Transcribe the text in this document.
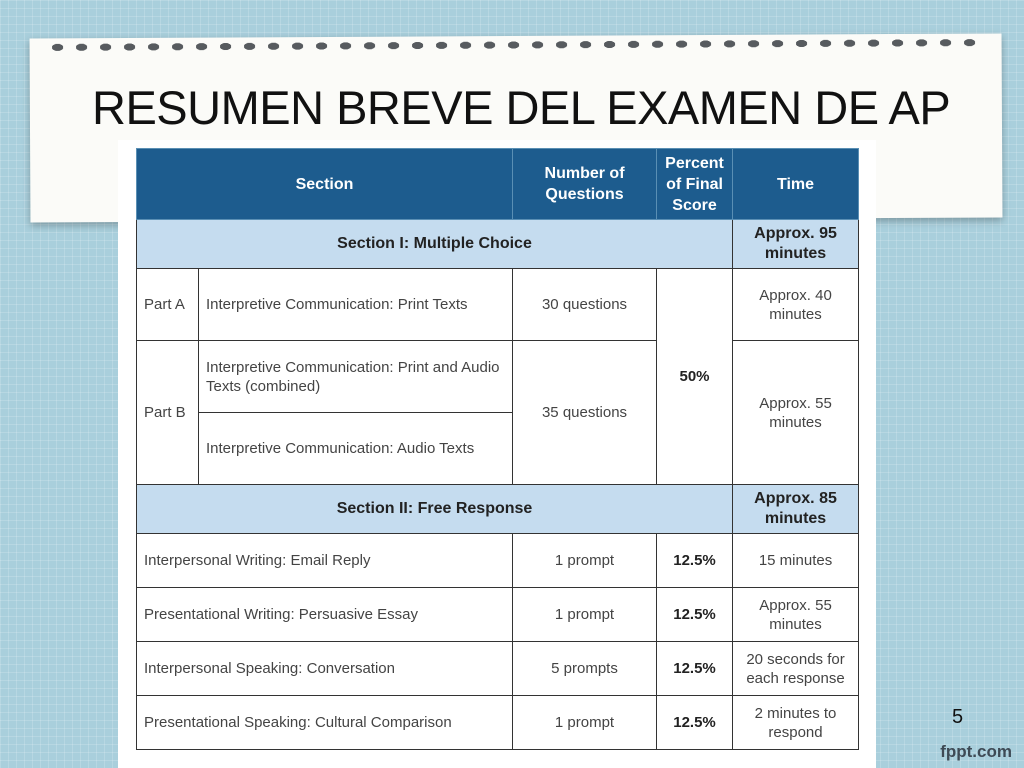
RESUMEN BREVE DEL EXAMEN DE AP
Section		Number of Questions	Percent of Final Score	Time
Section I: Multiple Choice				Approx. 95 minutes
Part A	Interpretive Communication: Print Texts	30 questions	50%	Approx. 40 minutes
Part B	Interpretive Communication: Print and Audio Texts (combined)	35 questions		Approx. 55 minutes
	Interpretive Communication: Audio Texts			
Section II: Free Response				Approx. 85 minutes
Interpersonal Writing: Email Reply		1 prompt	12.5%	15 minutes
Presentational Writing: Persuasive Essay		1 prompt	12.5%	Approx. 55 minutes
Interpersonal Speaking: Conversation		5 prompts	12.5%	20 seconds for each response
Presentational Speaking: Cultural Comparison		1 prompt	12.5%	2 minutes to respond
5
fppt.com
